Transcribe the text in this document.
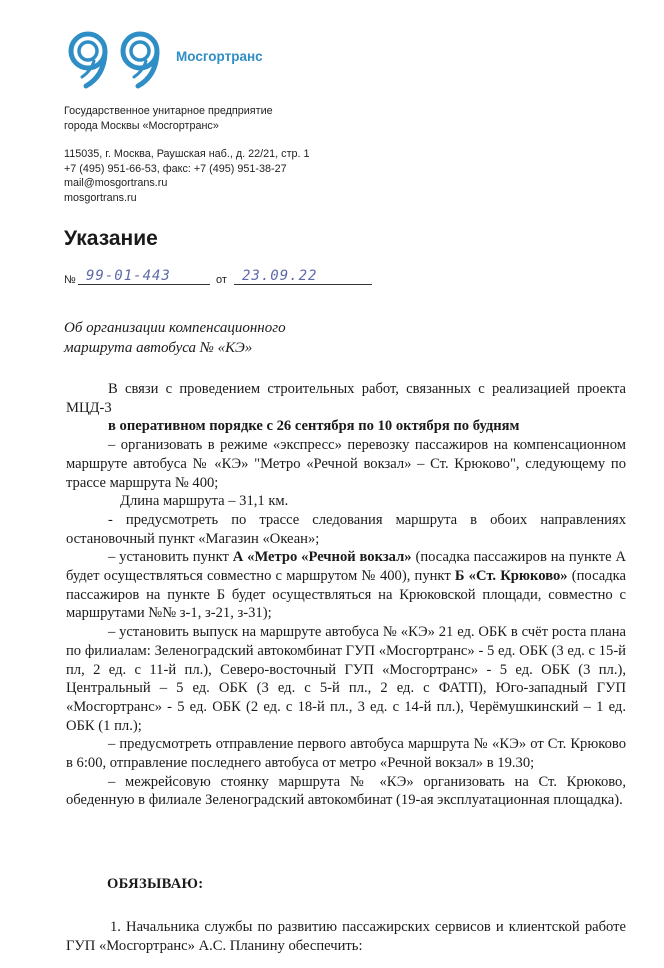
Мосгортранс
Государственное унитарное предприятие
города Москвы «Мосгортранс»
115035, г. Москва, Раушская наб., д. 22/21, стр. 1
+7 (495) 951-66-53, факс: +7 (495) 951-38-27
mail@mosgortrans.ru
mosgortrans.ru
Указание
№ 99-01-443	от 23.09.22
Об организации компенсационного
маршрута автобуса № «КЭ»

В связи с проведением строительных работ, связанных с реализацией проекта МЦД-3

в оперативном порядке с 26 сентября по 10 октября по будням

– организовать в режиме «экспресс» перевозку пассажиров на компенсационном маршруте автобуса № «КЭ» "Метро «Речной вокзал» – Ст. Крюково", следующему по трассе маршрута № 400;

Длина маршрута – 31,1 км.

- предусмотреть по трассе следования маршрута в обоих направлениях остановочный пункт «Магазин «Океан»;

– установить пункт А «Метро «Речной вокзал» (посадка пассажиров на пункте А будет осуществляться совместно с маршрутом № 400), пункт Б «Ст. Крюково» (посадка пассажиров на пункте Б будет осуществляться на Крюковской площади, совместно с маршрутами №№ з-1, з-21, з-31);

– установить выпуск на маршруте автобуса № «КЭ» 21 ед. ОБК в счёт роста плана по филиалам: Зеленоградский автокомбинат ГУП «Мосгортранс» - 5 ед. ОБК (3 ед. с 15-й пл, 2 ед. с 11-й пл.), Северо-восточный ГУП «Мосгортранс» - 5 ед. ОБК (3 пл.), Центральный – 5 ед. ОБК (3 ед. с 5-й пл., 2 ед. с ФАТП), Юго-западный ГУП «Мосгортранс» - 5 ед. ОБК (2 ед. с 18-й пл., 3 ед. с 14-й пл.), Черёмушкинский – 1 ед. ОБК (1 пл.);

– предусмотреть отправление первого автобуса маршрута № «КЭ» от Ст. Крюково в 6:00, отправление последнего автобуса от метро «Речной вокзал» в 19.30;

– межрейсовую стоянку маршрута № «КЭ» организовать на Ст. Крюково, обеденную в филиале Зеленоградский автокомбинат (19-ая эксплуатационная площадка).

ОБЯЗЫВАЮ:

1. Начальника службы по развитию пассажирских сервисов и клиентской работе ГУП «Мосгортранс» А.С. Планину обеспечить:
